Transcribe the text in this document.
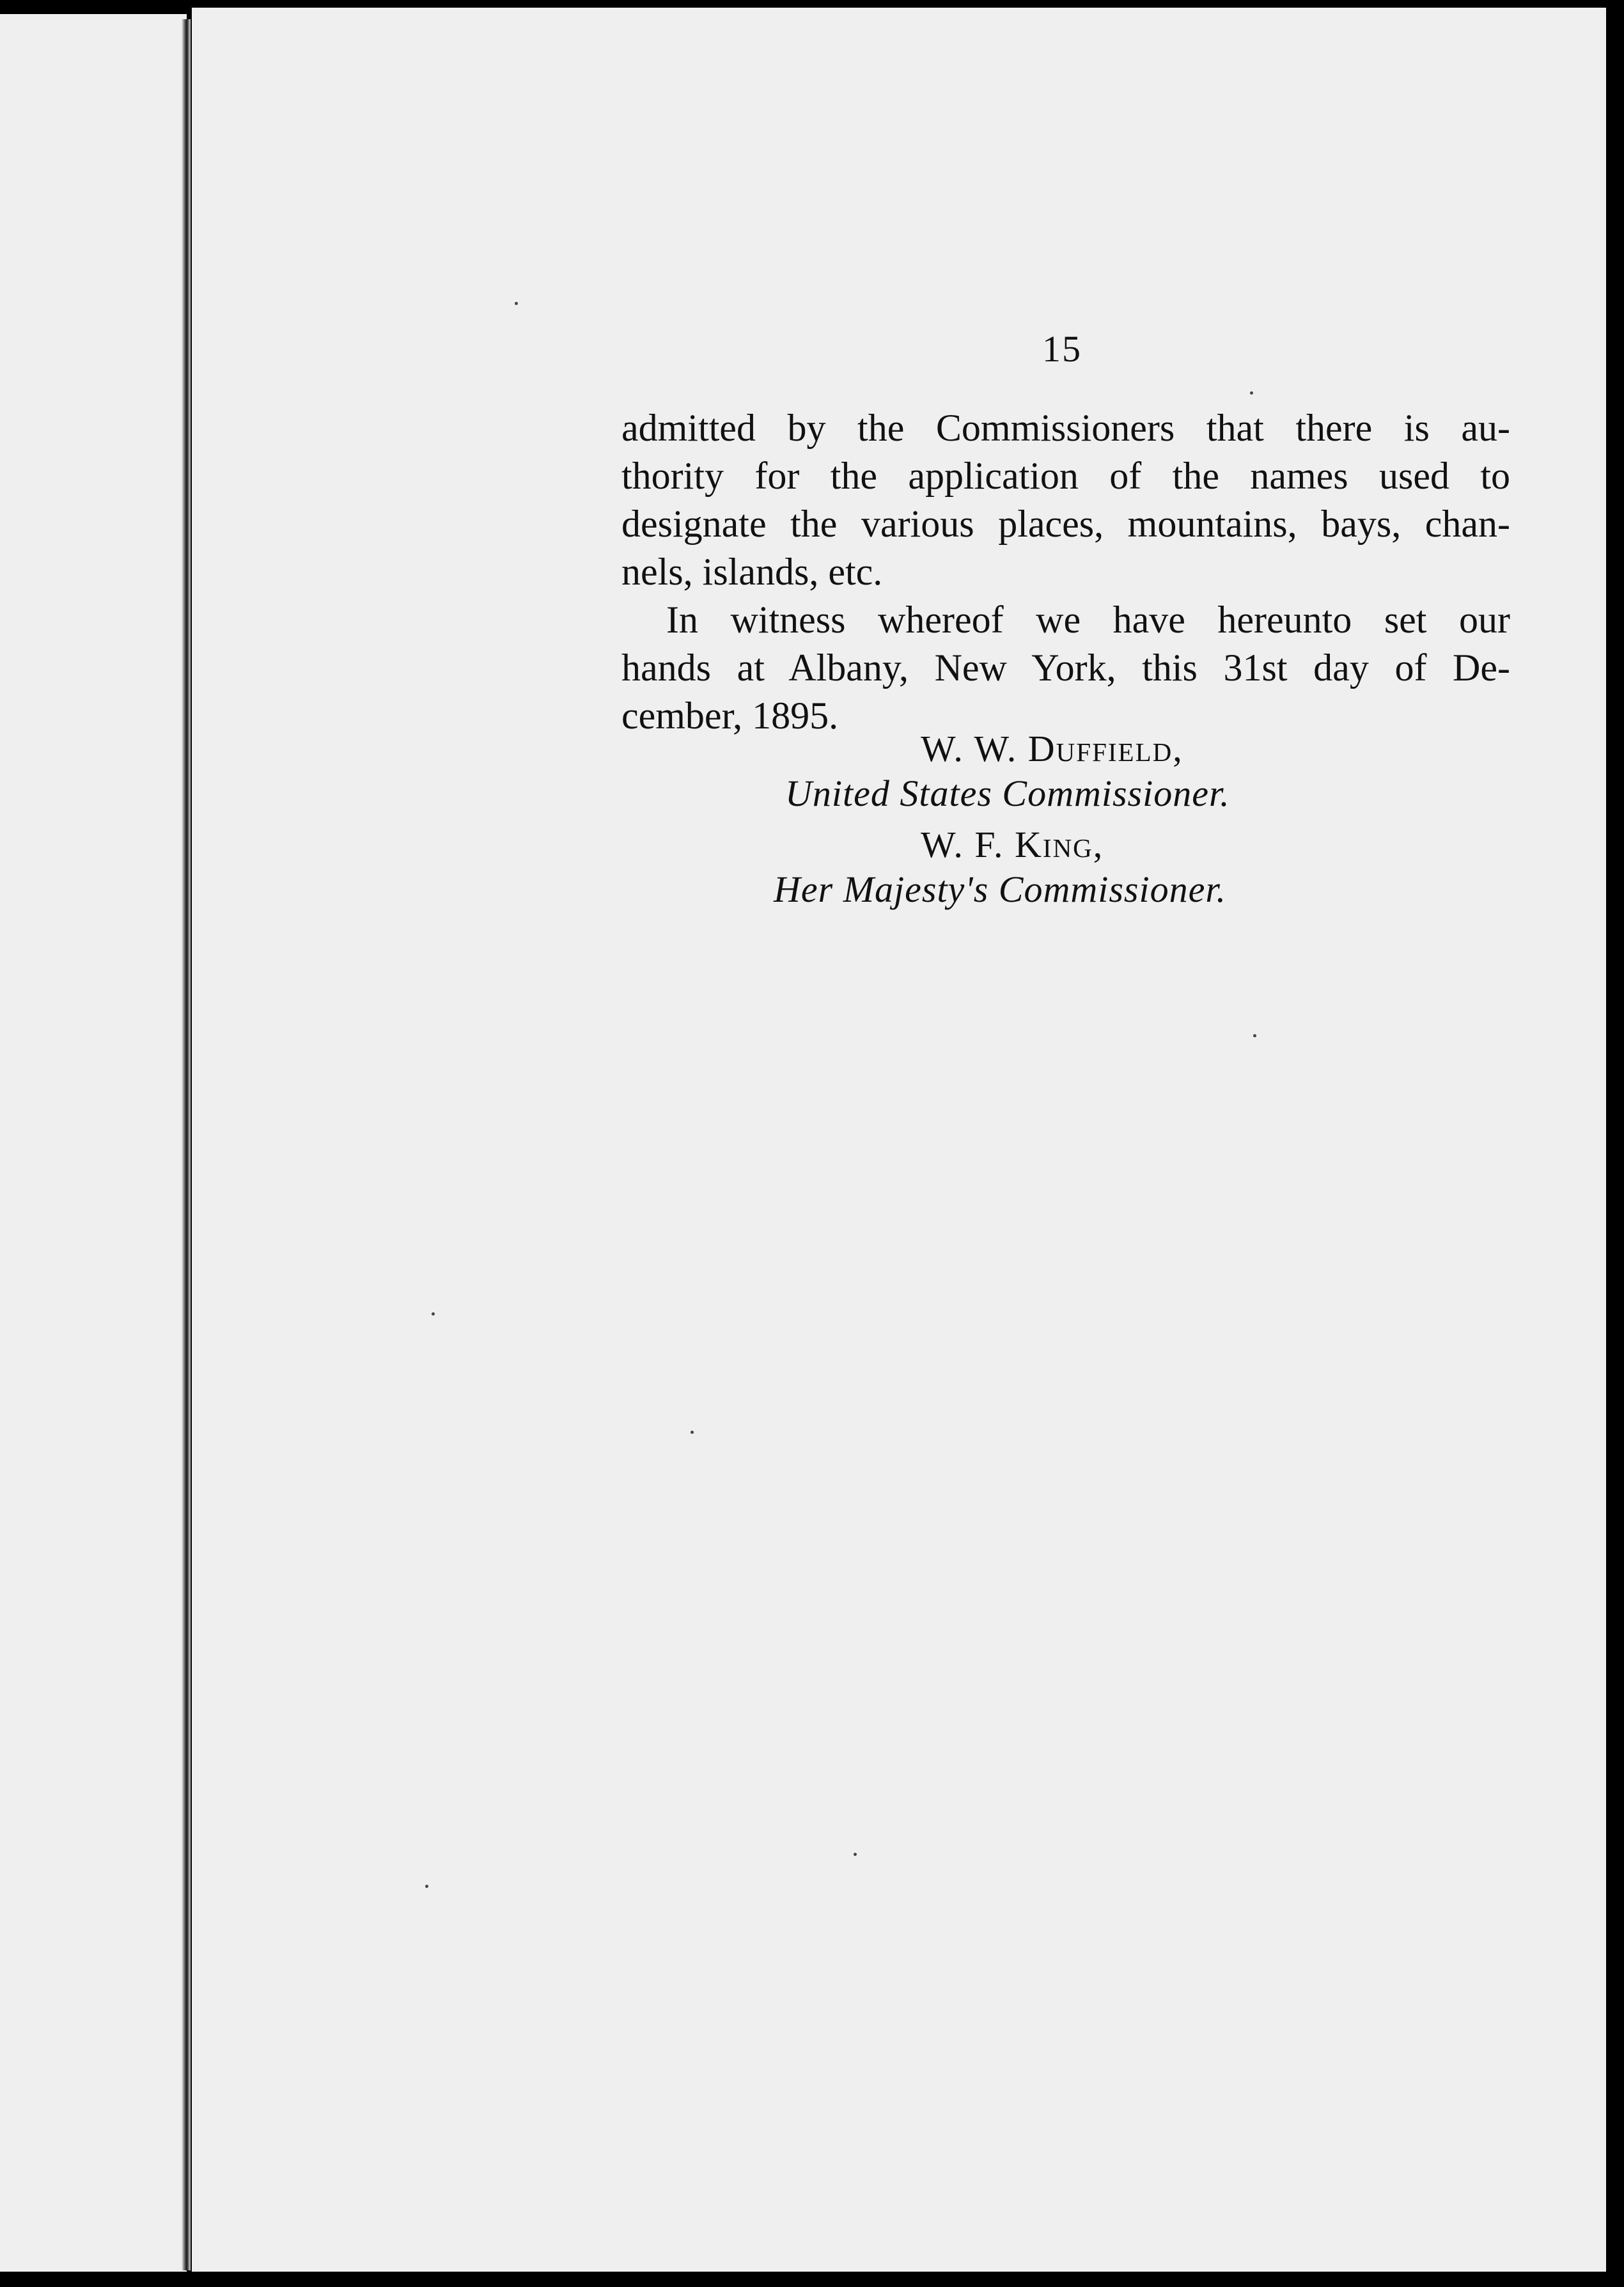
15
admitted by the Commissioners that there is au-
thority for the application of the names used to
designate the various places, mountains, bays, chan-
nels, islands, etc.
In witness whereof we have hereunto set our
hands at Albany, New York, this 31st day of De-
cember, 1895.
W. W. Duffield,
United States Commissioner.
W. F. King,
Her Majesty's Commissioner.
